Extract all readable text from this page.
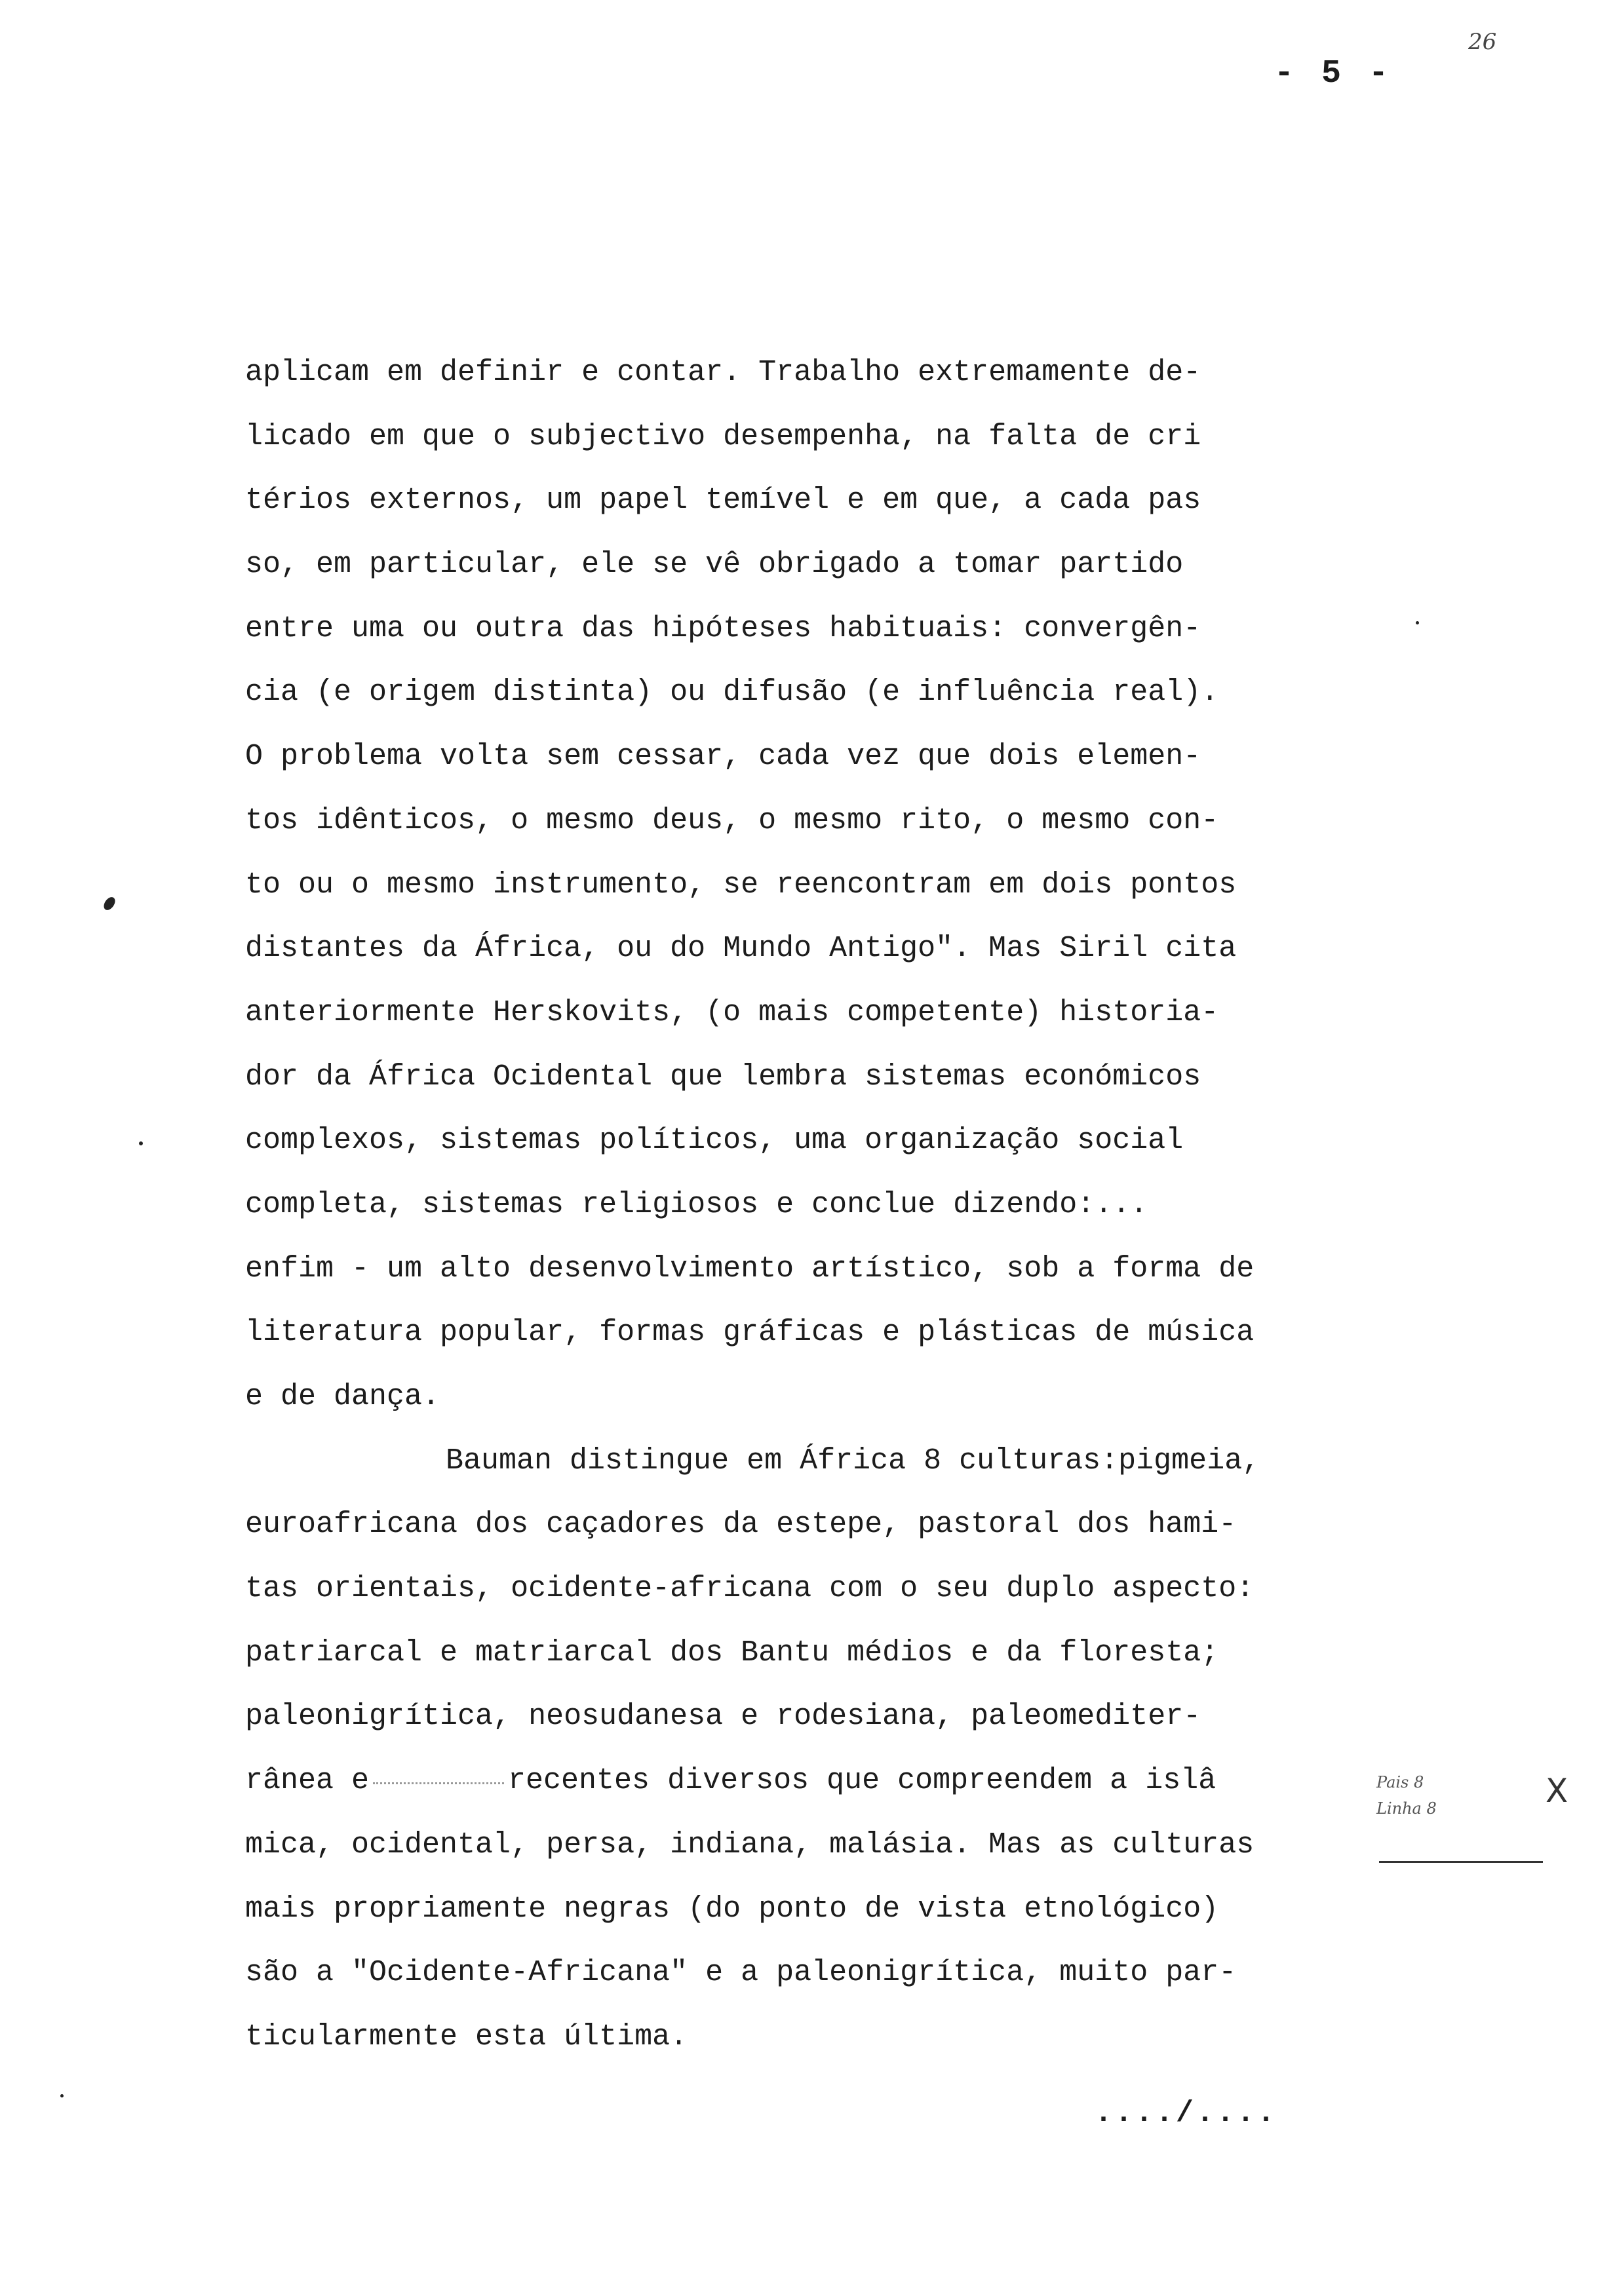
- 5 -
26
aplicam em definir e contar. Trabalho extremamente de-
licado em que o subjectivo desempenha, na falta de cri
térios externos, um papel temível e em que, a cada pas
so, em particular, ele se vê obrigado a tomar partido
entre uma ou outra das hipóteses habituais: convergên-
cia (e origem distinta) ou difusão (e influência real).
O problema volta sem cessar, cada vez que dois elemen-
tos idênticos, o mesmo deus, o mesmo rito, o mesmo con-
to ou o mesmo instrumento, se reencontram em dois pontos
distantes da África, ou do Mundo Antigo". Mas Siril cita
anteriormente Herskovits, (o mais competente) historia-
dor da África Ocidental que lembra sistemas económicos
complexos, sistemas políticos, uma organização social
completa, sistemas religiosos e conclue dizendo:...
enfim - um alto desenvolvimento artístico, sob a forma de
literatura popular, formas gráficas e plásticas de música
e de dança.
Bauman distingue em África 8 culturas:pigmeia,
euroafricana dos caçadores da estepe, pastoral dos hami-
tas orientais, ocidente-africana com o seu duplo aspecto:
patriarcal e matriarcal dos Bantu médios e da floresta;
paleonigrítica, neosudanesa e rodesiana, paleomediter-
rânea e	recentes diversos que compreendem a islâ
mica, ocidental, persa, indiana, malásia. Mas as culturas
mais propriamente negras (do ponto de vista etnológico)
são a "Ocidente-Africana" e a paleonigrítica, muito par-
ticularmente esta última.
Pais 8
Linha 8	X
..../....
